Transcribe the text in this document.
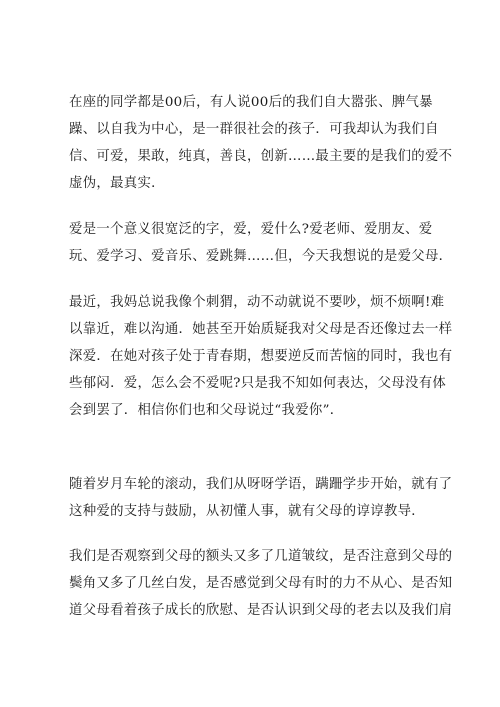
在座的同学都是00后，有人说00后的我们自大嚣张、脾气暴
躁、以自我为中心，是一群很社会的孩子．可我却认为我们自
信、可爱，果敢，纯真，善良，创新……最主要的是我们的爱不
虚伪，最真实．

爱是一个意义很宽泛的字，爱，爱什么?爱老师、爱朋友、爱
玩、爱学习、爱音乐、爱跳舞……但，今天我想说的是爱父母．

最近，我妈总说我像个刺猬，动不动就说不要吵，烦不烦啊!难
以靠近，难以沟通．她甚至开始质疑我对父母是否还像过去一样
深爱．在她对孩子处于青春期，想要逆反而苦恼的同时，我也有
些郁闷．爱，怎么会不爱呢?只是我不知如何表达，父母没有体
会到罢了．相信你们也和父母说过“我爱你”．

随着岁月车轮的滚动，我们从呀呀学语，蹒跚学步开始，就有了
这种爱的支持与鼓励，从初懂人事，就有父母的谆谆教导．

我们是否观察到父母的额头又多了几道皱纹，是否注意到父母的
鬓角又多了几丝白发，是否感觉到父母有时的力不从心、是否知
道父母看着孩子成长的欣慰、是否认识到父母的老去以及我们肩
